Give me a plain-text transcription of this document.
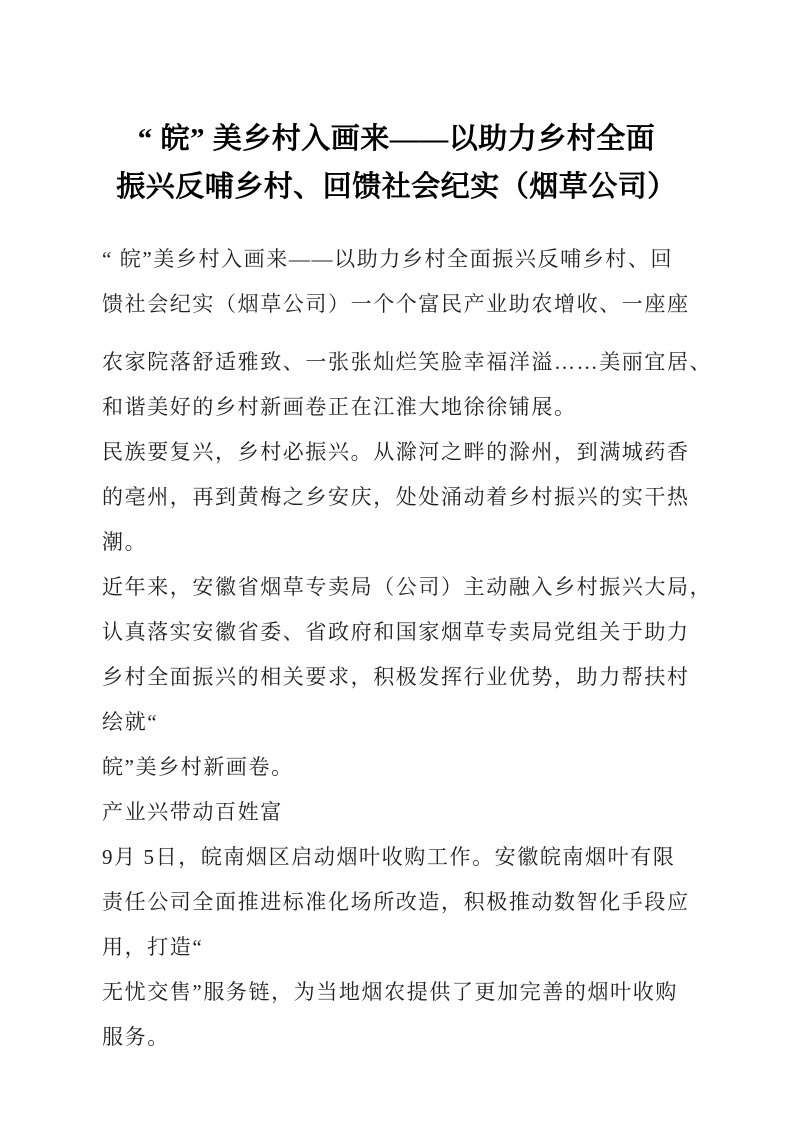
“ 皖” 美乡村入画来——以助力乡村全面
振兴反哺乡村、回馈社会纪实（烟草公司）

“ 皖”美乡村入画来——以助力乡村全面振兴反哺乡村、回
馈社会纪实（烟草公司）一个个富民产业助农增收、一座座

农家院落舒适雅致、一张张灿烂笑脸幸福洋溢……美丽宜居、
和谐美好的乡村新画卷正在江淮大地徐徐铺展。

民族要复兴，乡村必振兴。从滁河之畔的滁州，到满城药香
的亳州，再到黄梅之乡安庆，处处涌动着乡村振兴的实干热
潮。

近年来，安徽省烟草专卖局（公司）主动融入乡村振兴大局，
认真落实安徽省委、省政府和国家烟草专卖局党组关于助力
乡村全面振兴的相关要求，积极发挥行业优势，助力帮扶村
绘就“

皖”美乡村新画卷。

产业兴带动百姓富

9月 5日，皖南烟区启动烟叶收购工作。安徽皖南烟叶有限
责任公司全面推进标准化场所改造，积极推动数智化手段应
用，打造“

无忧交售”服务链，为当地烟农提供了更加完善的烟叶收购
服务。
